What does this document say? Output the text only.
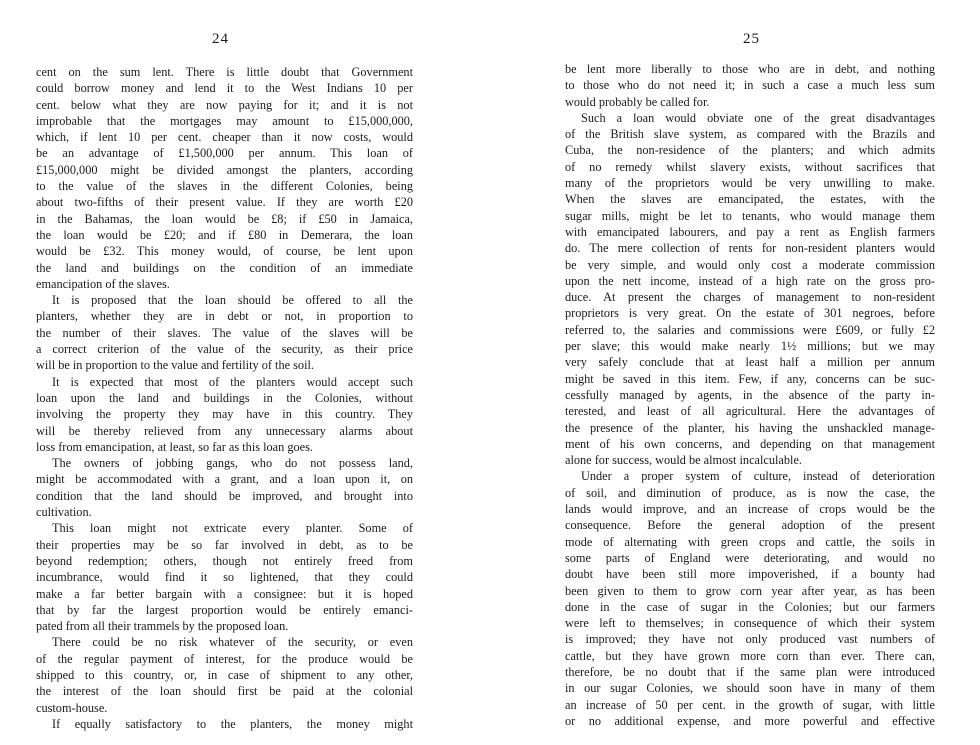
24
cent on the sum lent. There is little doubt that Government
could borrow money and lend it to the West Indians 10 per
cent. below what they are now paying for it; and it is not
improbable that the mortgages may amount to £15,000,000,
which, if lent 10 per cent. cheaper than it now costs, would
be an advantage of £1,500,000 per annum. This loan of
£15,000,000 might be divided amongst the planters, according
to the value of the slaves in the different Colonies, being
about two-fifths of their present value. If they are worth £20
in the Bahamas, the loan would be £8; if £50 in Jamaica,
the loan would be £20; and if £80 in Demerara, the loan
would be £32. This money would, of course, be lent upon
the land and buildings on the condition of an immediate
emancipation of the slaves.
It is proposed that the loan should be offered to all the
planters, whether they are in debt or not, in proportion to
the number of their slaves. The value of the slaves will be
a correct criterion of the value of the security, as their price
will be in proportion to the value and fertility of the soil.
It is expected that most of the planters would accept such
loan upon the land and buildings in the Colonies, without
involving the property they may have in this country. They
will be thereby relieved from any unnecessary alarms about
loss from emancipation, at least, so far as this loan goes.
The owners of jobbing gangs, who do not possess land,
might be accommodated with a grant, and a loan upon it, on
condition that the land should be improved, and brought into
cultivation.
This loan might not extricate every planter. Some of
their properties may be so far involved in debt, as to be
beyond redemption; others, though not entirely freed from
incumbrance, would find it so lightened, that they could
make a far better bargain with a consignee: but it is hoped
that by far the largest proportion would be entirely emanci-
pated from all their trammels by the proposed loan.
There could be no risk whatever of the security, or even
of the regular payment of interest, for the produce would be
shipped to this country, or, in case of shipment to any other,
the interest of the loan should first be paid at the colonial
custom-house.
If equally satisfactory to the planters, the money might
25
be lent more liberally to those who are in debt, and nothing
to those who do not need it; in such a case a much less sum
would probably be called for.
Such a loan would obviate one of the great disadvantages
of the British slave system, as compared with the Brazils and
Cuba, the non-residence of the planters; and which admits
of no remedy whilst slavery exists, without sacrifices that
many of the proprietors would be very unwilling to make.
When the slaves are emancipated, the estates, with the
sugar mills, might be let to tenants, who would manage them
with emancipated labourers, and pay a rent as English farmers
do. The mere collection of rents for non-resident planters would
be very simple, and would only cost a moderate commission
upon the nett income, instead of a high rate on the gross pro-
duce. At present the charges of management to non-resident
proprietors is very great. On the estate of 301 negroes, before
referred to, the salaries and commissions were £609, or fully £2
per slave; this would make nearly 1½ millions; but we may
very safely conclude that at least half a million per annum
might be saved in this item. Few, if any, concerns can be suc-
cessfully managed by agents, in the absence of the party in-
terested, and least of all agricultural. Here the advantages of
the presence of the planter, his having the unshackled manage-
ment of his own concerns, and depending on that management
alone for success, would be almost incalculable.
Under a proper system of culture, instead of deterioration
of soil, and diminution of produce, as is now the case, the
lands would improve, and an increase of crops would be the
consequence. Before the general adoption of the present
mode of alternating with green crops and cattle, the soils in
some parts of England were deteriorating, and would no
doubt have been still more impoverished, if a bounty had
been given to them to grow corn year after year, as has been
done in the case of sugar in the Colonies; but our farmers
were left to themselves; in consequence of which their system
is improved; they have not only produced vast numbers of
cattle, but they have grown more corn than ever. There can,
therefore, be no doubt that if the same plan were introduced
in our sugar Colonies, we should soon have in many of them
an increase of 50 per cent. in the growth of sugar, with little
or no additional expense, and more powerful and effective
